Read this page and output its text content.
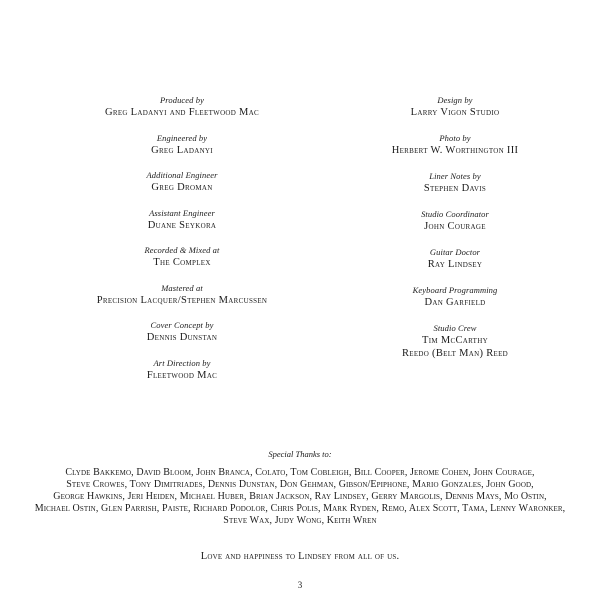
Produced by
Greg Ladanyi and Fleetwood Mac
Engineered by
Greg Ladanyi
Additional Engineer
Greg Droman
Assistant Engineer
Duane Seykora
Recorded & Mixed at
The Complex
Mastered at
Precision Lacquer/Stephen Marcussen
Cover Concept by
Dennis Dunstan
Art Direction by
Fleetwood Mac
Design by
Larry Vigon Studio
Photo by
Herbert W. Worthington III
Liner Notes by
Stephen Davis
Studio Coordinator
John Courage
Guitar Doctor
Ray Lindsey
Keyboard Programming
Dan Garfield
Studio Crew
Tim McCarthy
Reedo (Belt Man) Reed
Special Thanks to:
Clyde Bakkemo, David Bloom, John Branca, Colato, Tom Cobleigh, Bill Cooper, Jerome Cohen, John Courage,
Steve Crowes, Tony Dimitriades, Dennis Dunstan, Don Gehman, Gibson/Epiphone, Mario Gonzales, John Good,
George Hawkins, Jeri Heiden, Michael Huber, Brian Jackson, Ray Lindsey, Gerry Margolis, Dennis Mays, Mo Ostin,
Michael Ostin, Glen Parrish, Paiste, Richard Podolor, Chris Polis, Mark Ryden, Remo, Alex Scott, Tama, Lenny Waronker,
Steve Wax, Judy Wong, Keith Wren
Love and happiness to Lindsey from all of us.
3
